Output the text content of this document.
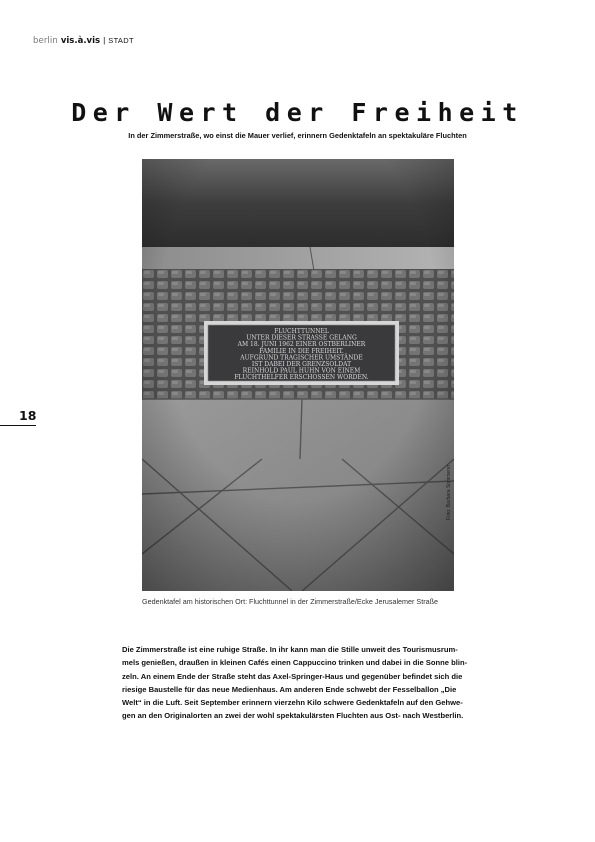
berlin vis.à.vis | STADT
Der Wert der Freiheit
In der Zimmerstraße, wo einst die Mauer verlief, erinnern Gedenktafeln an spektakuläre Fluchten
Foto: Barbara Sommerer
Gedenktafel am historischen Ort: Fluchttunnel in der Zimmerstraße/Ecke Jerusalemer Straße
18
Die Zimmerstraße ist eine ruhige Straße. In ihr kann man die Stille unweit des Tourismusrum-
mels genießen, draußen in kleinen Cafés einen Cappuccino trinken und dabei in die Sonne blin-
zeln. An einem Ende der Straße steht das Axel-Springer-Haus und gegenüber befindet sich die
riesige Baustelle für das neue Medienhaus. Am anderen Ende schwebt der Fesselballon „Die
Welt“ in die Luft. Seit September erinnern vierzehn Kilo schwere Gedenktafeln auf den Gehwe-
gen an den Originalorten an zwei der wohl spektakulärsten Fluchten aus Ost- nach Westberlin.
